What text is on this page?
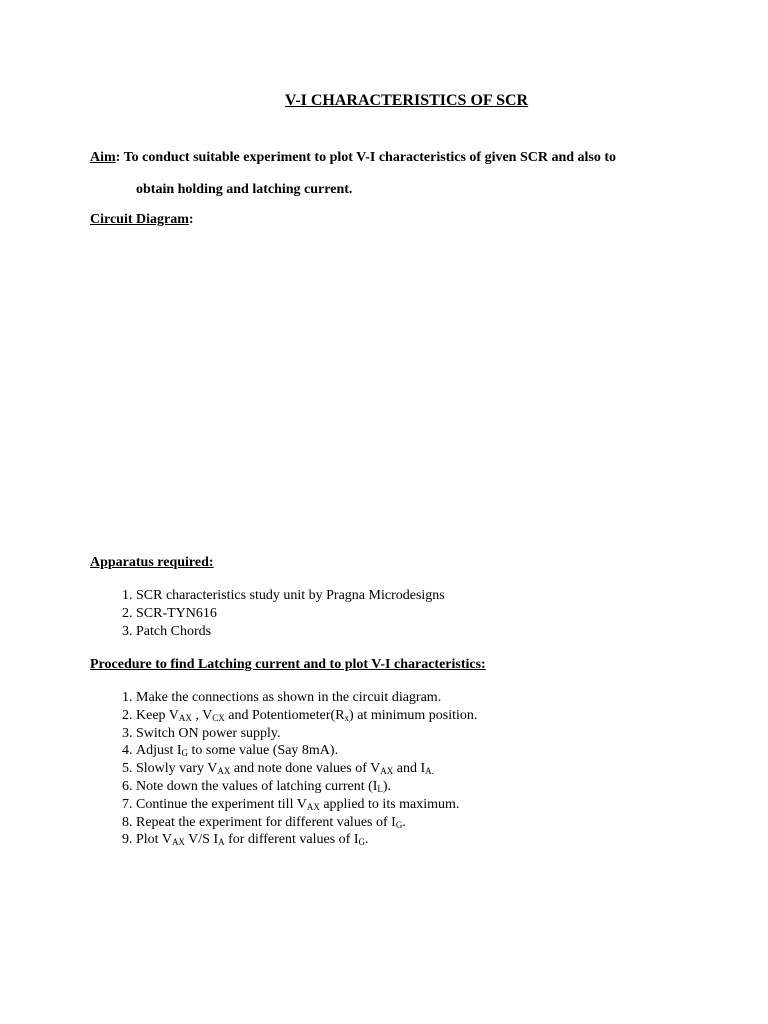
V-I CHARACTERISTICS OF SCR
Aim: To conduct suitable experiment to plot V-I characteristics of given SCR and also to
obtain holding and latching current.
Circuit Diagram:
Apparatus required:
1. SCR characteristics study unit by Pragna Microdesigns
2. SCR-TYN616
3. Patch Chords
Procedure to find Latching current and to plot V-I characteristics:
1. Make the connections as shown in the circuit diagram.
2. Keep $V_{AX}$ , $V_{CX}$ and $Potentiometer(R_x)$ at minimum position.
3. Switch ON power supply.
4. Adjust $I_G$ to some value (Say 8mA).
5. Slowly vary $V_{AX}$ and note done values of $V_{AX}$ and $I_{A.}$
6. Note down the values of latching current $(I_L)$.
7. Continue the experiment till $V_{AX}$ applied to its maximum.
8. Repeat the experiment for different values of $I_G$.
9. Plot $V_{AX}$ V/S $I_A$ for different values of $I_G$.
